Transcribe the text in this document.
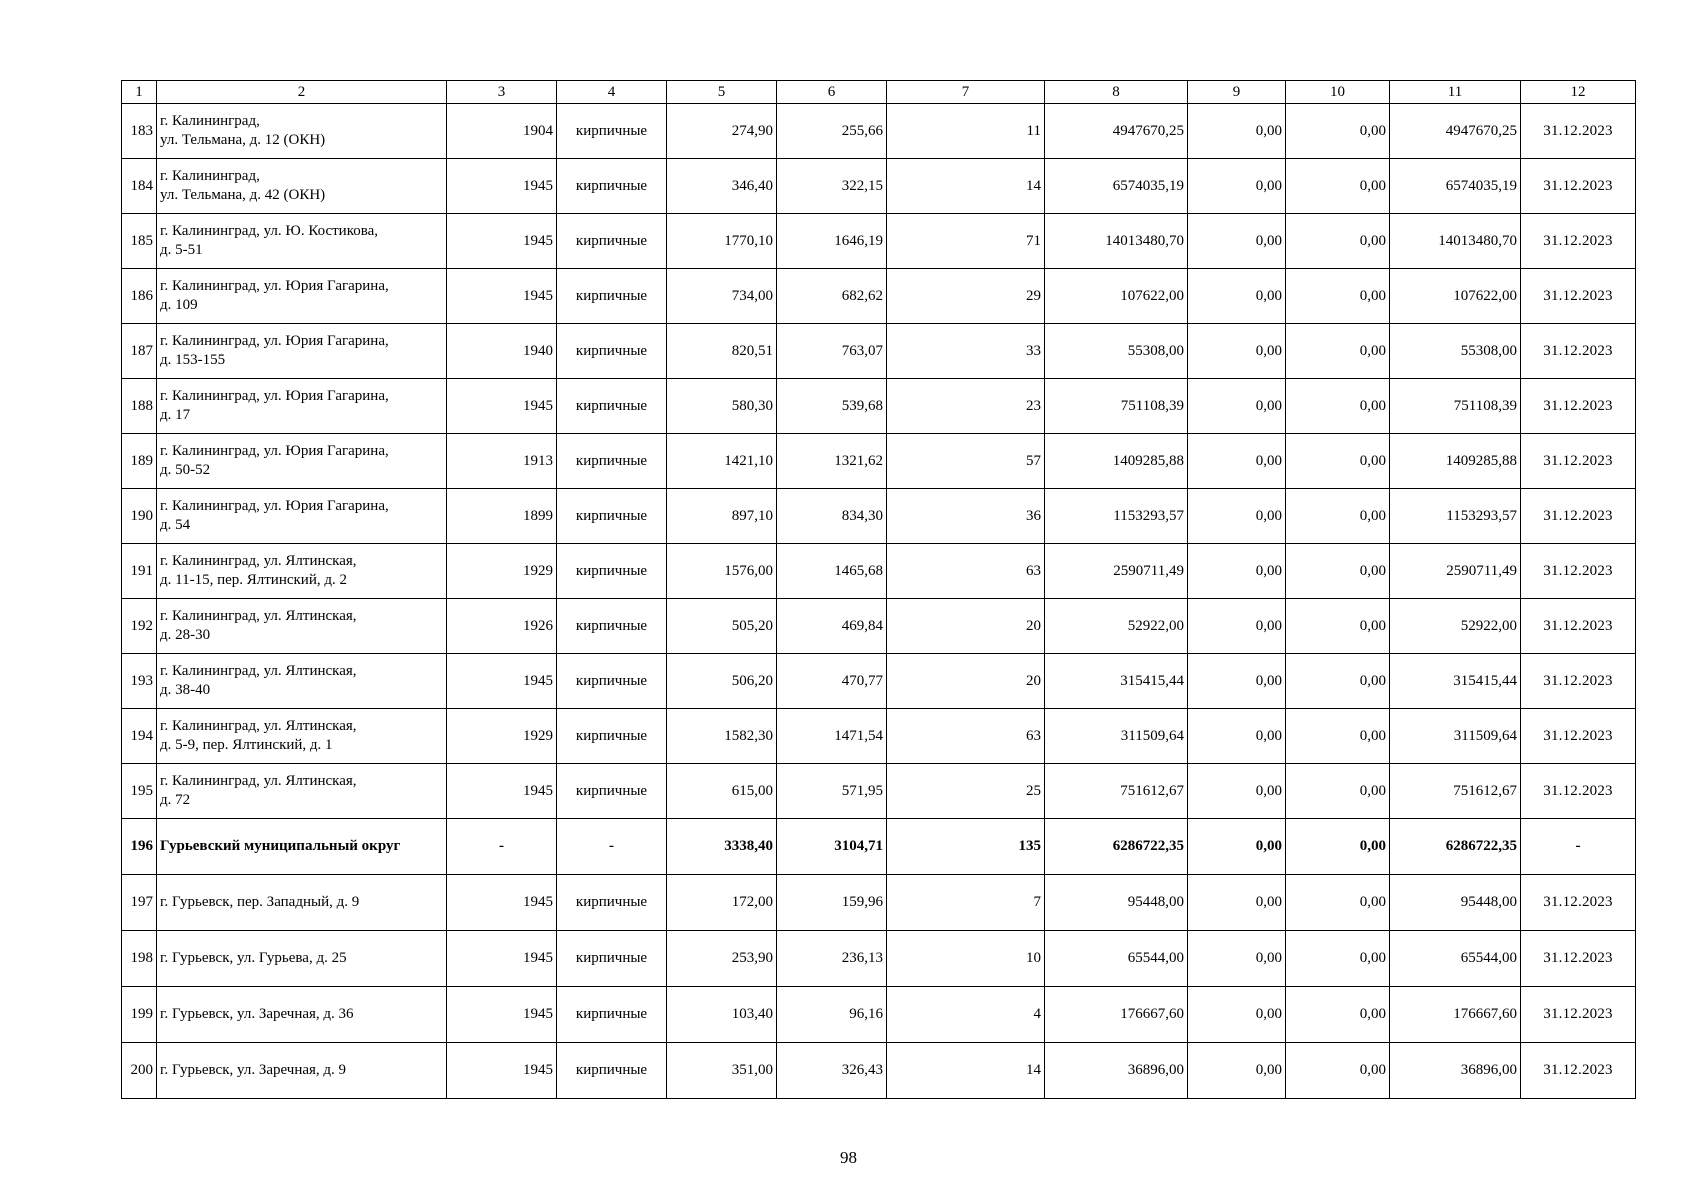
1	2	3	4	5	6	7	8	9	10	11	12
183	г. Калининград,
ул. Тельмана, д. 12 (ОКН)	1904	кирпичные	274,90	255,66	11	4947670,25	0,00	0,00	4947670,25	31.12.2023
184	г. Калининград,
ул. Тельмана, д. 42 (ОКН)	1945	кирпичные	346,40	322,15	14	6574035,19	0,00	0,00	6574035,19	31.12.2023
185	г. Калининград, ул. Ю. Костикова,
д. 5-51	1945	кирпичные	1770,10	1646,19	71	14013480,70	0,00	0,00	14013480,70	31.12.2023
186	г. Калининград, ул. Юрия Гагарина,
д. 109	1945	кирпичные	734,00	682,62	29	107622,00	0,00	0,00	107622,00	31.12.2023
187	г. Калининград, ул. Юрия Гагарина,
д. 153-155	1940	кирпичные	820,51	763,07	33	55308,00	0,00	0,00	55308,00	31.12.2023
188	г. Калининград, ул. Юрия Гагарина,
д. 17	1945	кирпичные	580,30	539,68	23	751108,39	0,00	0,00	751108,39	31.12.2023
189	г. Калининград, ул. Юрия Гагарина,
д. 50-52	1913	кирпичные	1421,10	1321,62	57	1409285,88	0,00	0,00	1409285,88	31.12.2023
190	г. Калининград, ул. Юрия Гагарина,
д. 54	1899	кирпичные	897,10	834,30	36	1153293,57	0,00	0,00	1153293,57	31.12.2023
191	г. Калининград, ул. Ялтинская,
д. 11-15, пер. Ялтинский, д. 2	1929	кирпичные	1576,00	1465,68	63	2590711,49	0,00	0,00	2590711,49	31.12.2023
192	г. Калининград, ул. Ялтинская,
д. 28-30	1926	кирпичные	505,20	469,84	20	52922,00	0,00	0,00	52922,00	31.12.2023
193	г. Калининград, ул. Ялтинская,
д. 38-40	1945	кирпичные	506,20	470,77	20	315415,44	0,00	0,00	315415,44	31.12.2023
194	г. Калининград, ул. Ялтинская,
д. 5-9, пер. Ялтинский, д. 1	1929	кирпичные	1582,30	1471,54	63	311509,64	0,00	0,00	311509,64	31.12.2023
195	г. Калининград, ул. Ялтинская,
д. 72	1945	кирпичные	615,00	571,95	25	751612,67	0,00	0,00	751612,67	31.12.2023
196	Гурьевский муниципальный округ	-	-	3338,40	3104,71	135	6286722,35	0,00	0,00	6286722,35	-
197	г. Гурьевск, пер. Западный, д. 9	1945	кирпичные	172,00	159,96	7	95448,00	0,00	0,00	95448,00	31.12.2023
198	г. Гурьевск, ул. Гурьева, д. 25	1945	кирпичные	253,90	236,13	10	65544,00	0,00	0,00	65544,00	31.12.2023
199	г. Гурьевск, ул. Заречная, д. 36	1945	кирпичные	103,40	96,16	4	176667,60	0,00	0,00	176667,60	31.12.2023
200	г. Гурьевск, ул. Заречная, д. 9	1945	кирпичные	351,00	326,43	14	36896,00	0,00	0,00	36896,00	31.12.2023
98
